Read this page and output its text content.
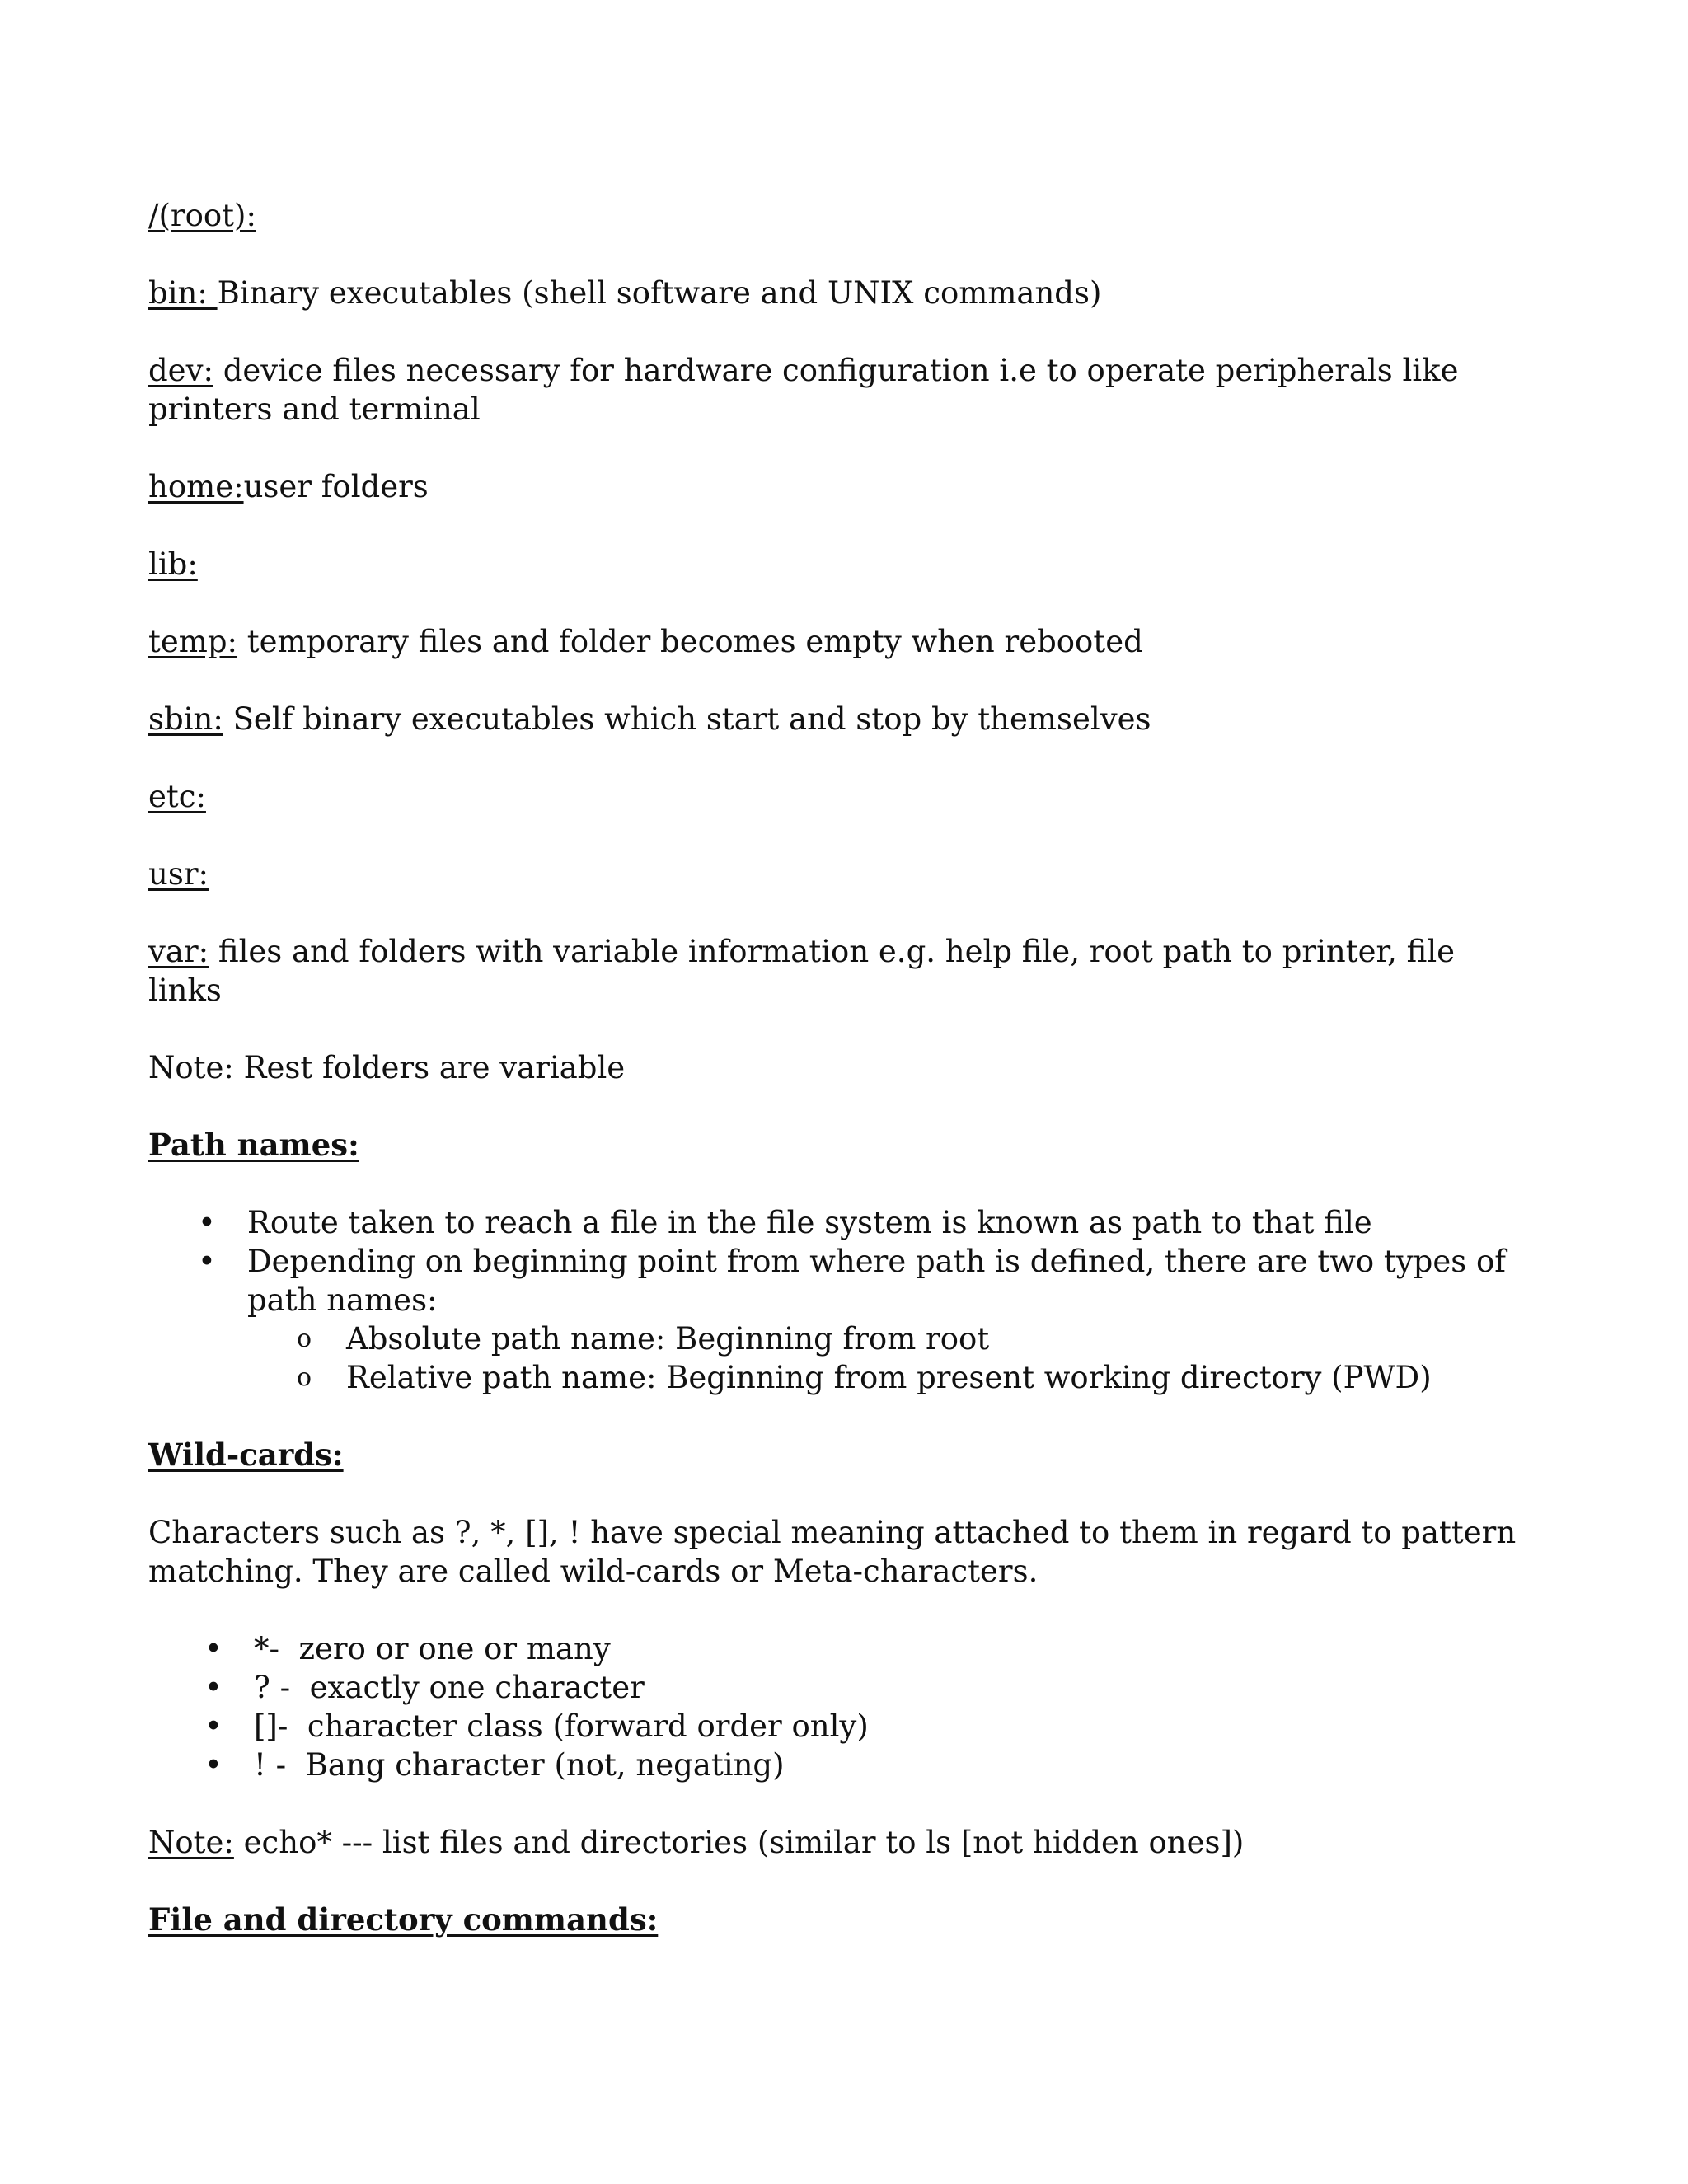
/(root):

bin: Binary executables (shell software and UNIX commands)

dev: device files necessary for hardware configuration i.e to operate peripherals like printers and terminal

home:user folders

lib:

temp: temporary files and folder becomes empty when rebooted

sbin: Self binary executables which start and stop by themselves

etc:

usr:

var: files and folders with variable information e.g. help file, root path to printer, file links

Note: Rest folders are variable

Path names:

• Route taken to reach a file in the file system is known as path to that file
• Depending on beginning point from where path is defined, there are two types of path names:
o Absolute path name: Beginning from root
o Relative path name: Beginning from present working directory (PWD)

Wild-cards:

Characters such as ?, *, [], ! have special meaning attached to them in regard to pattern matching. They are called wild-cards or Meta-characters.

• *- zero or one or many
• ? - exactly one character
• []- character class (forward order only)
• ! - Bang character (not, negating)

Note: echo* --- list files and directories (similar to ls [not hidden ones])

File and directory commands:
